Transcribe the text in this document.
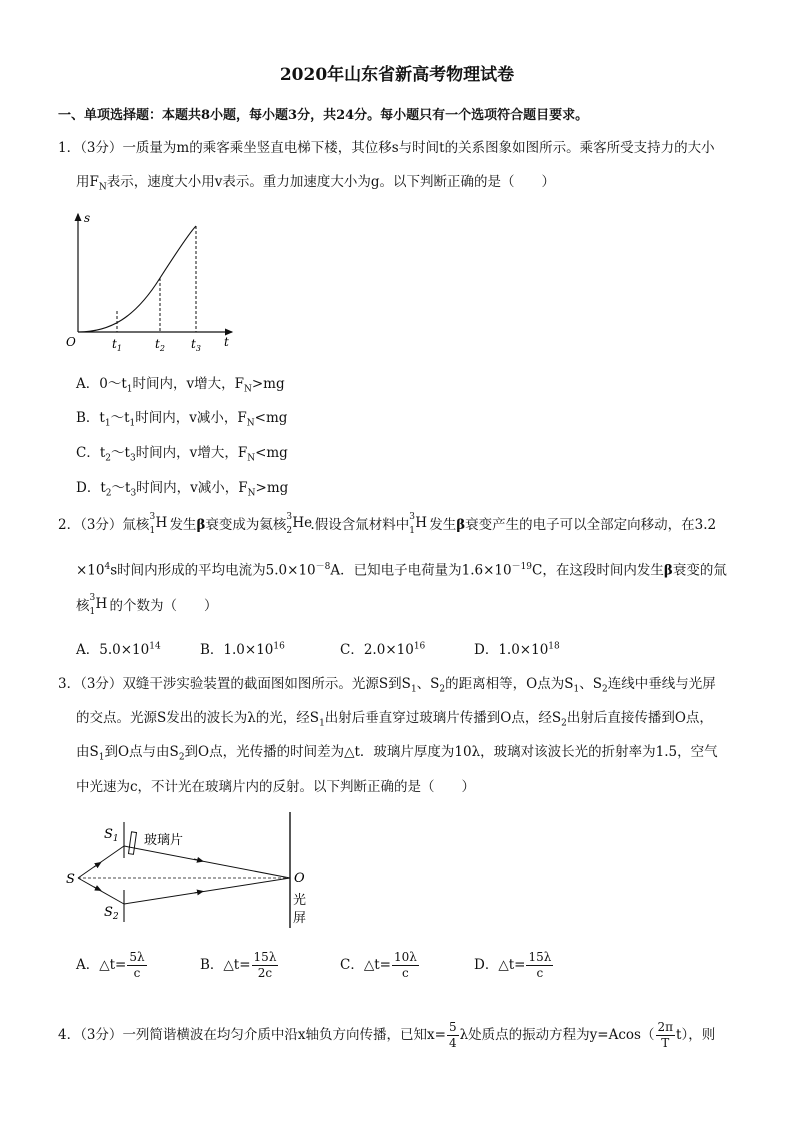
2020年山东省新高考物理试卷
一、单项选择题：本题共8小题，每小题3分，共24分。每小题只有一个选项符合题目要求。
1．（3分）一质量为m的乘客乘坐竖直电梯下楼，其位移s与时间t的关系图象如图所示。乘客所受支持力的大小
用$F_N$表示，速度大小用v表示。重力加速度大小为g。以下判断正确的是（　　）
s
t
O	$t_1$	$t_2$ $t_3$
A．$0\sim t_1$时间内，v增大，$F_N>mg$
B．$t_1\sim t_1$时间内，v减小，$F_N<mg$
C．$t_2\sim t_3$时间内，v增大，$F_N<mg$
D．$t_2\sim t_3$时间内，v减小，$F_N>mg$
2．（3分）氚核 3
1 H 发生β衰变成为氦核 3
2 He
.假设含氚材料中 3
1 H 发生β衰变产生的电子可以全部定向移动，在3.2
$\times 10^4s$时间内形成的平均电流为$5.0\times 10^{-8}A$．已知电子电荷量为$1.6\times 10^{-19}C$，在这段时间内发生β衰变的氚
核 3
1 H 的个数为（　　）
A．$5.0\times 10^{14}$	B．$1.0\times 10^{16}$	C．$2.0\times 10^{16}$	D．$1.0\times 10^{18}$
3．（3分）双缝干涉实验装置的截面图如图所示。光源S到$S_1$、$S_2$的距离相等，O点为$S_1$、$S_2$连线中垂线与光屏
的交点。光源S发出的波长为λ的光，经$S_1$出射后垂直穿过玻璃片传播到O点，经$S_2$出射后直接传播到O点，
由$S_1$到O点与由$S_2$到O点，光传播的时间差为△t．玻璃片厚度为10λ，玻璃对该波长光的折射率为1.5，空气
中光速为c，不计光在玻璃片内的反射。以下判断正确的是（　　）
S
$S_1$
$S_2$
玻璃片
O
光
屏
A．△t= $\frac{5\lambda}{c}$	B．△t= $\frac{15\lambda}{2c}$	C．△t= $\frac{10\lambda}{c}$	D．△t= $\frac{15\lambda}{c}$
4．（3分）一列简谐横波在均匀介质中沿x轴负方向传播，已知$x= \frac{5}{4}$ λ处质点的振动方程为$y=Acos( \frac{2\pi}{T} t)$，则
